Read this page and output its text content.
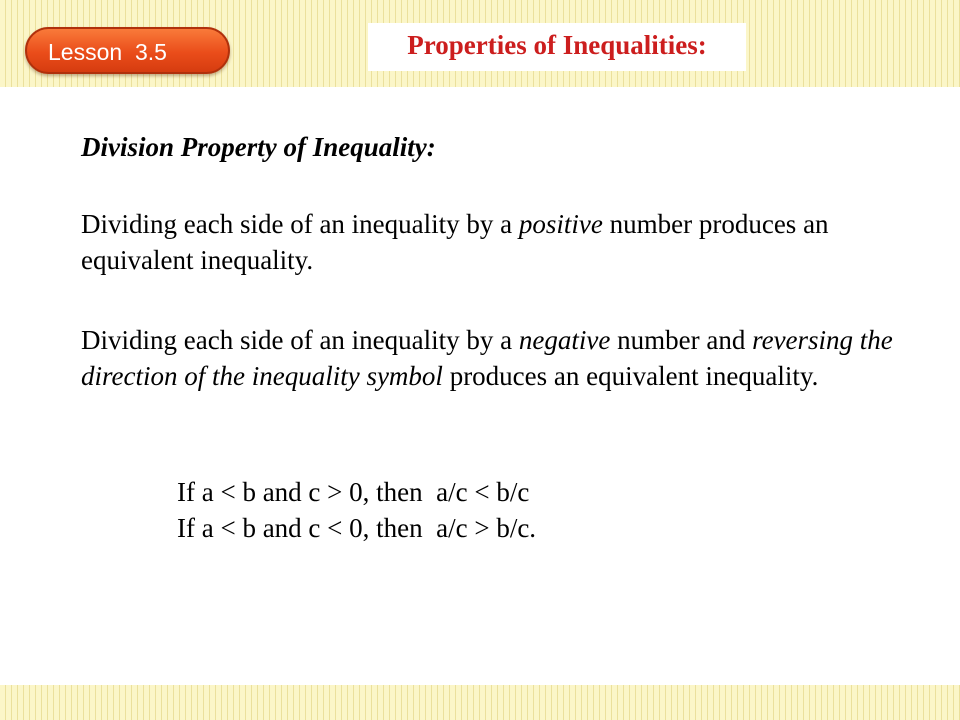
Lesson  3.5	Properties of Inequalities:
Division Property of Inequality:
Dividing each side of an inequality by a positive number produces an equivalent inequality.
Dividing each side of an inequality by a negative number and reversing the direction of the inequality symbol produces an equivalent inequality.
If a < b and c > 0, then  a/c < b/c
If a < b and c < 0, then  a/c > b/c.
